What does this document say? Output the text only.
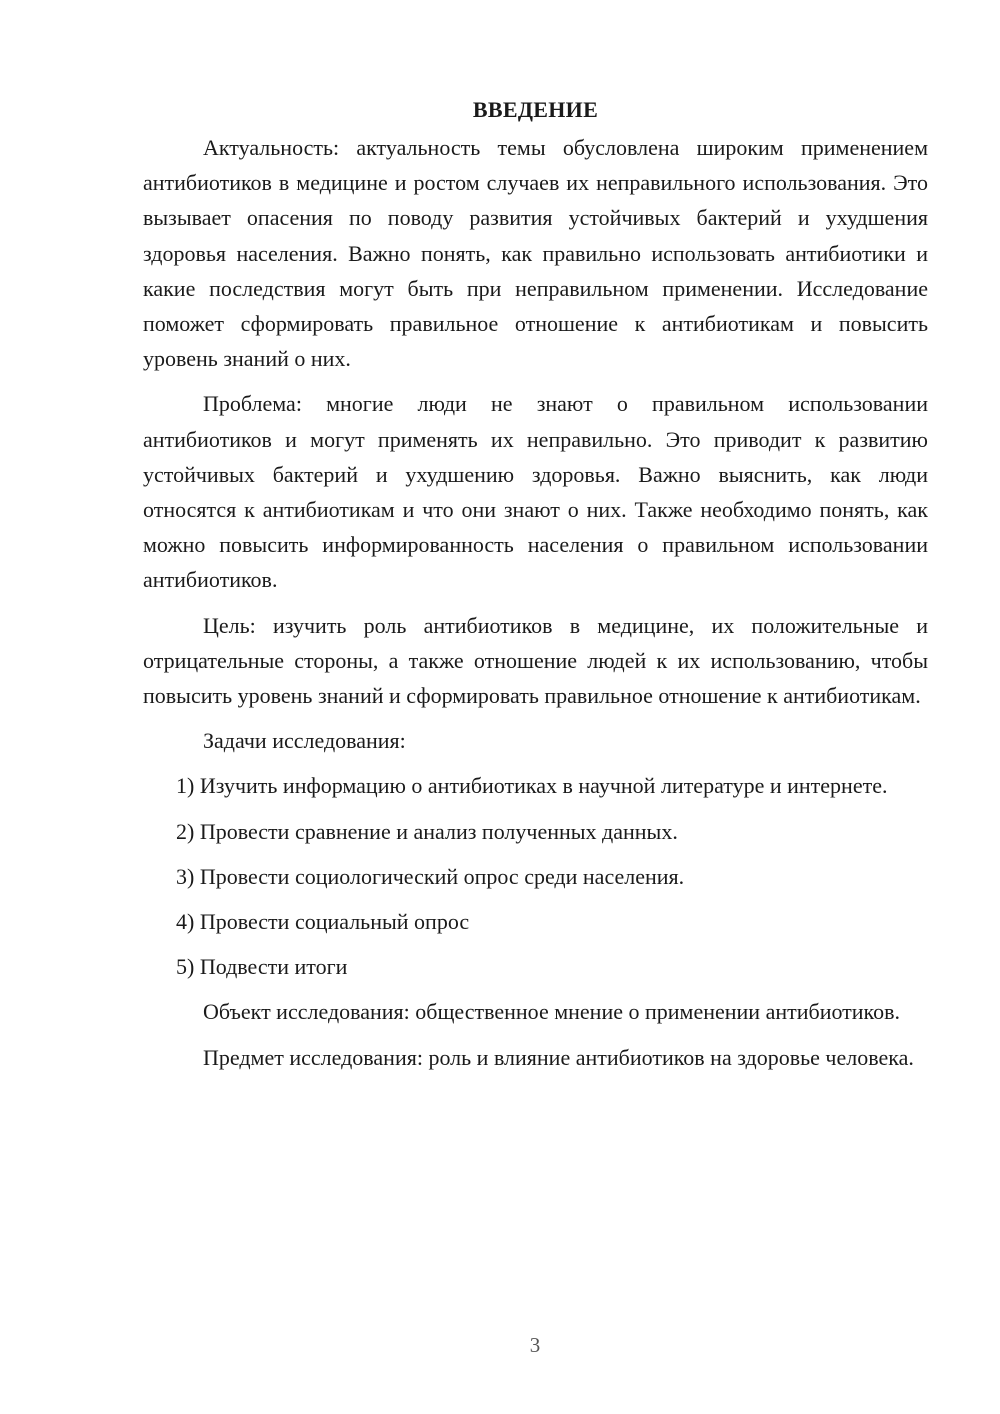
ВВЕДЕНИЕ

Актуальность: актуальность темы обусловлена широким применением антибиотиков в медицине и ростом случаев их неправильного использования. Это вызывает опасения по поводу развития устойчивых бактерий и ухудшения здоровья населения. Важно понять, как правильно использовать антибиотики и какие последствия могут быть при неправильном применении. Исследование поможет сформировать правильное отношение к антибиотикам и повысить уровень знаний о них.

Проблема: многие люди не знают о правильном использовании антибиотиков и могут применять их неправильно. Это приводит к развитию устойчивых бактерий и ухудшению здоровья. Важно выяснить, как люди относятся к антибиотикам и что они знают о них. Также необходимо понять, как можно повысить информированность населения о правильном использовании антибиотиков.

Цель: изучить роль антибиотиков в медицине, их положительные и отрицательные стороны, а также отношение людей к их использованию, чтобы повысить уровень знаний и сформировать правильное отношение к антибиотикам.

Задачи исследования:

1) Изучить информацию о антибиотиках в научной литературе и интернете.

2) Провести сравнение и анализ полученных данных.

3) Провести социологический опрос среди населения.

4) Провести социальный опрос

5) Подвести итоги

Объект исследования: общественное мнение о применении антибиотиков.

Предмет исследования: роль и влияние антибиотиков на здоровье человека.

3
